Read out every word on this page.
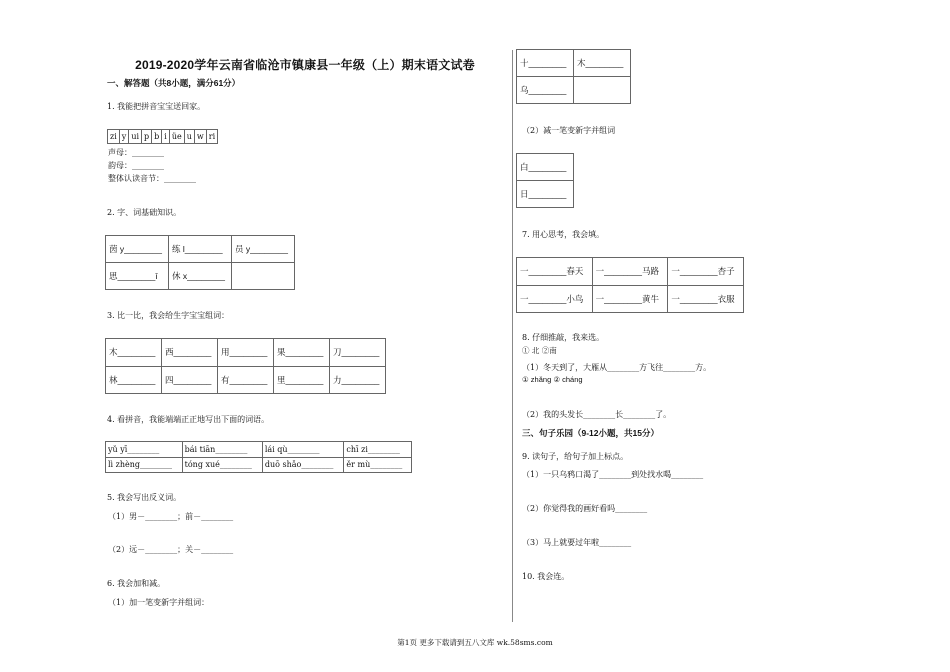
2019-2020学年云南省临沧市镇康县一年级（上）期末语文试卷
一、解答题（共8小题，满分61分）
1. 我能把拼音宝宝送回家。
zi	y	ui	p	b	i	üe	u	w	ri
声母：________
韵母：________
整体认读音节：________
2. 字、词基础知识。
茵 y________	练 l________	员 y________
思________ī	休 x________	
3. 比一比，我会给生字宝宝组词：
木________	西________	用________	果________	刀________
林________	四________	有________	里________	力________
4. 看拼音，我能端端正正地写出下面的词语。
yǔ yī________	bái tiān________	lái qù________	chī zi________
lì zhèng________	tóng xué________	duō shǎo________	ěr mù________
5. 我会写出反义词。
（1）男－________；前－________
（2）远－________；关－________
6. 我会加和减。
（1）加一笔变新字并组词：
十________	木________
乌________	
（2）减一笔变新字并组词
白________
日________
7. 用心思考，我会填。
一________春天	一________马路	一________杏子
一________小鸟	一________黄牛	一________衣服
8. 仔细推敲，我来选。
① 北 ②南
（1）冬天到了，大雁从________方飞往________方。
① zhǎng ② cháng
（2）我的头发长________长________了。
三、句子乐园（9-12小题，共15分）
9. 读句子，给句子加上标点。
（1）一只乌鸦口渴了________到处找水喝________
（2）你觉得我的画好看吗________
（3）马上就要过年啦________
10. 我会连。
第1页 更多下载请到五八文库 wk.58sms.com
